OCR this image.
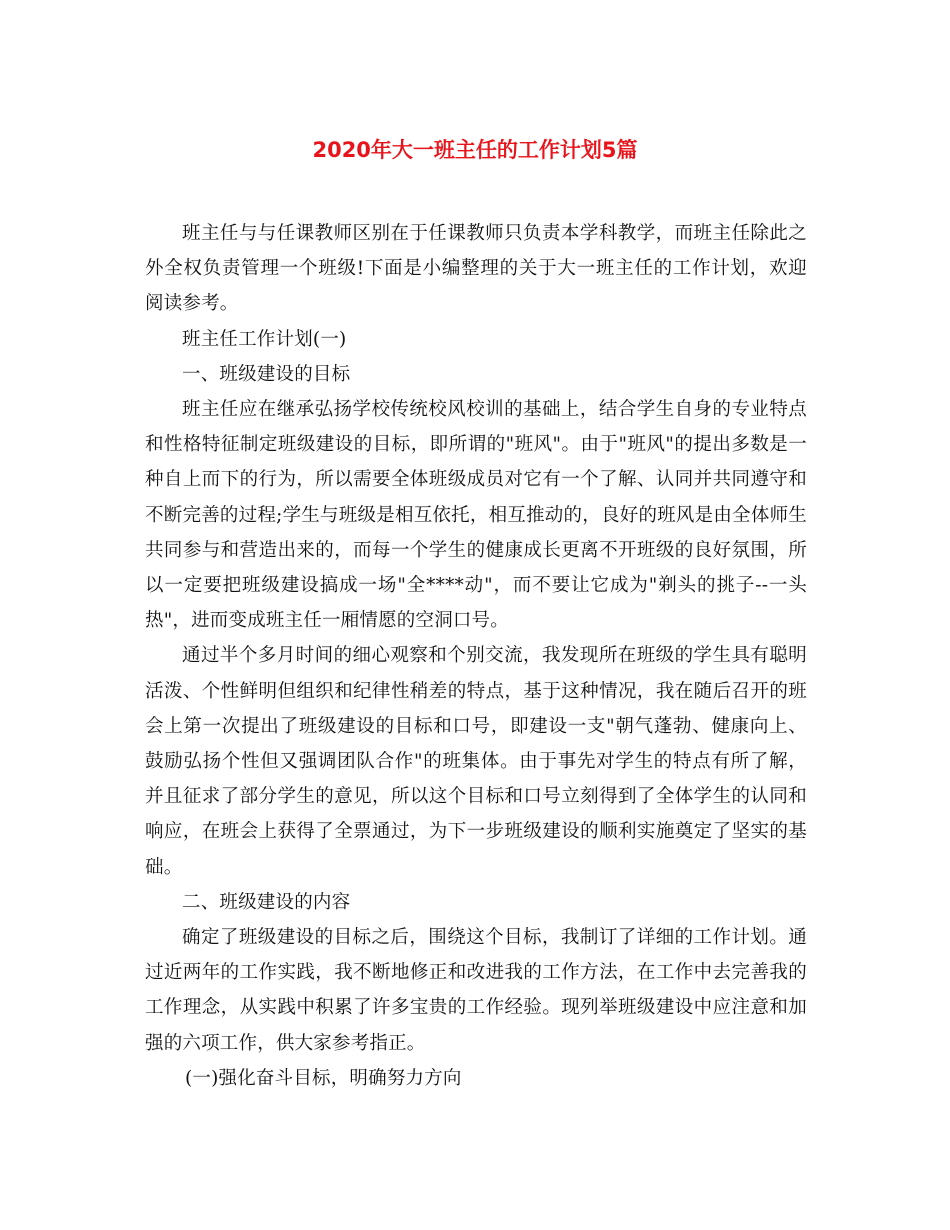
2020年大一班主任的工作计划5篇

班主任与与任课教师区别在于任课教师只负责本学科教学，而班主任除此之外全权负责管理一个班级!下面是小编整理的关于大一班主任的工作计划，欢迎阅读参考。

班主任工作计划(一)

一、班级建设的目标

班主任应在继承弘扬学校传统校风校训的基础上，结合学生自身的专业特点和性格特征制定班级建设的目标，即所谓的"班风"。由于"班风"的提出多数是一种自上而下的行为，所以需要全体班级成员对它有一个了解、认同并共同遵守和不断完善的过程;学生与班级是相互依托，相互推动的，良好的班风是由全体师生共同参与和营造出来的，而每一个学生的健康成长更离不开班级的良好氛围，所以一定要把班级建设搞成一场"全****动"，而不要让它成为"剃头的挑子--一头热"，进而变成班主任一厢情愿的空洞口号。

通过半个多月时间的细心观察和个别交流，我发现所在班级的学生具有聪明活泼、个性鲜明但组织和纪律性稍差的特点，基于这种情况，我在随后召开的班会上第一次提出了班级建设的目标和口号，即建设一支"朝气蓬勃、健康向上、鼓励弘扬个性但又强调团队合作"的班集体。由于事先对学生的特点有所了解，并且征求了部分学生的意见，所以这个目标和口号立刻得到了全体学生的认同和响应，在班会上获得了全票通过，为下一步班级建设的顺利实施奠定了坚实的基础。

二、班级建设的内容

确定了班级建设的目标之后，围绕这个目标，我制订了详细的工作计划。通过近两年的工作实践，我不断地修正和改进我的工作方法，在工作中去完善我的工作理念，从实践中积累了许多宝贵的工作经验。现列举班级建设中应注意和加强的六项工作，供大家参考指正。

(一)强化奋斗目标，明确努力方向
